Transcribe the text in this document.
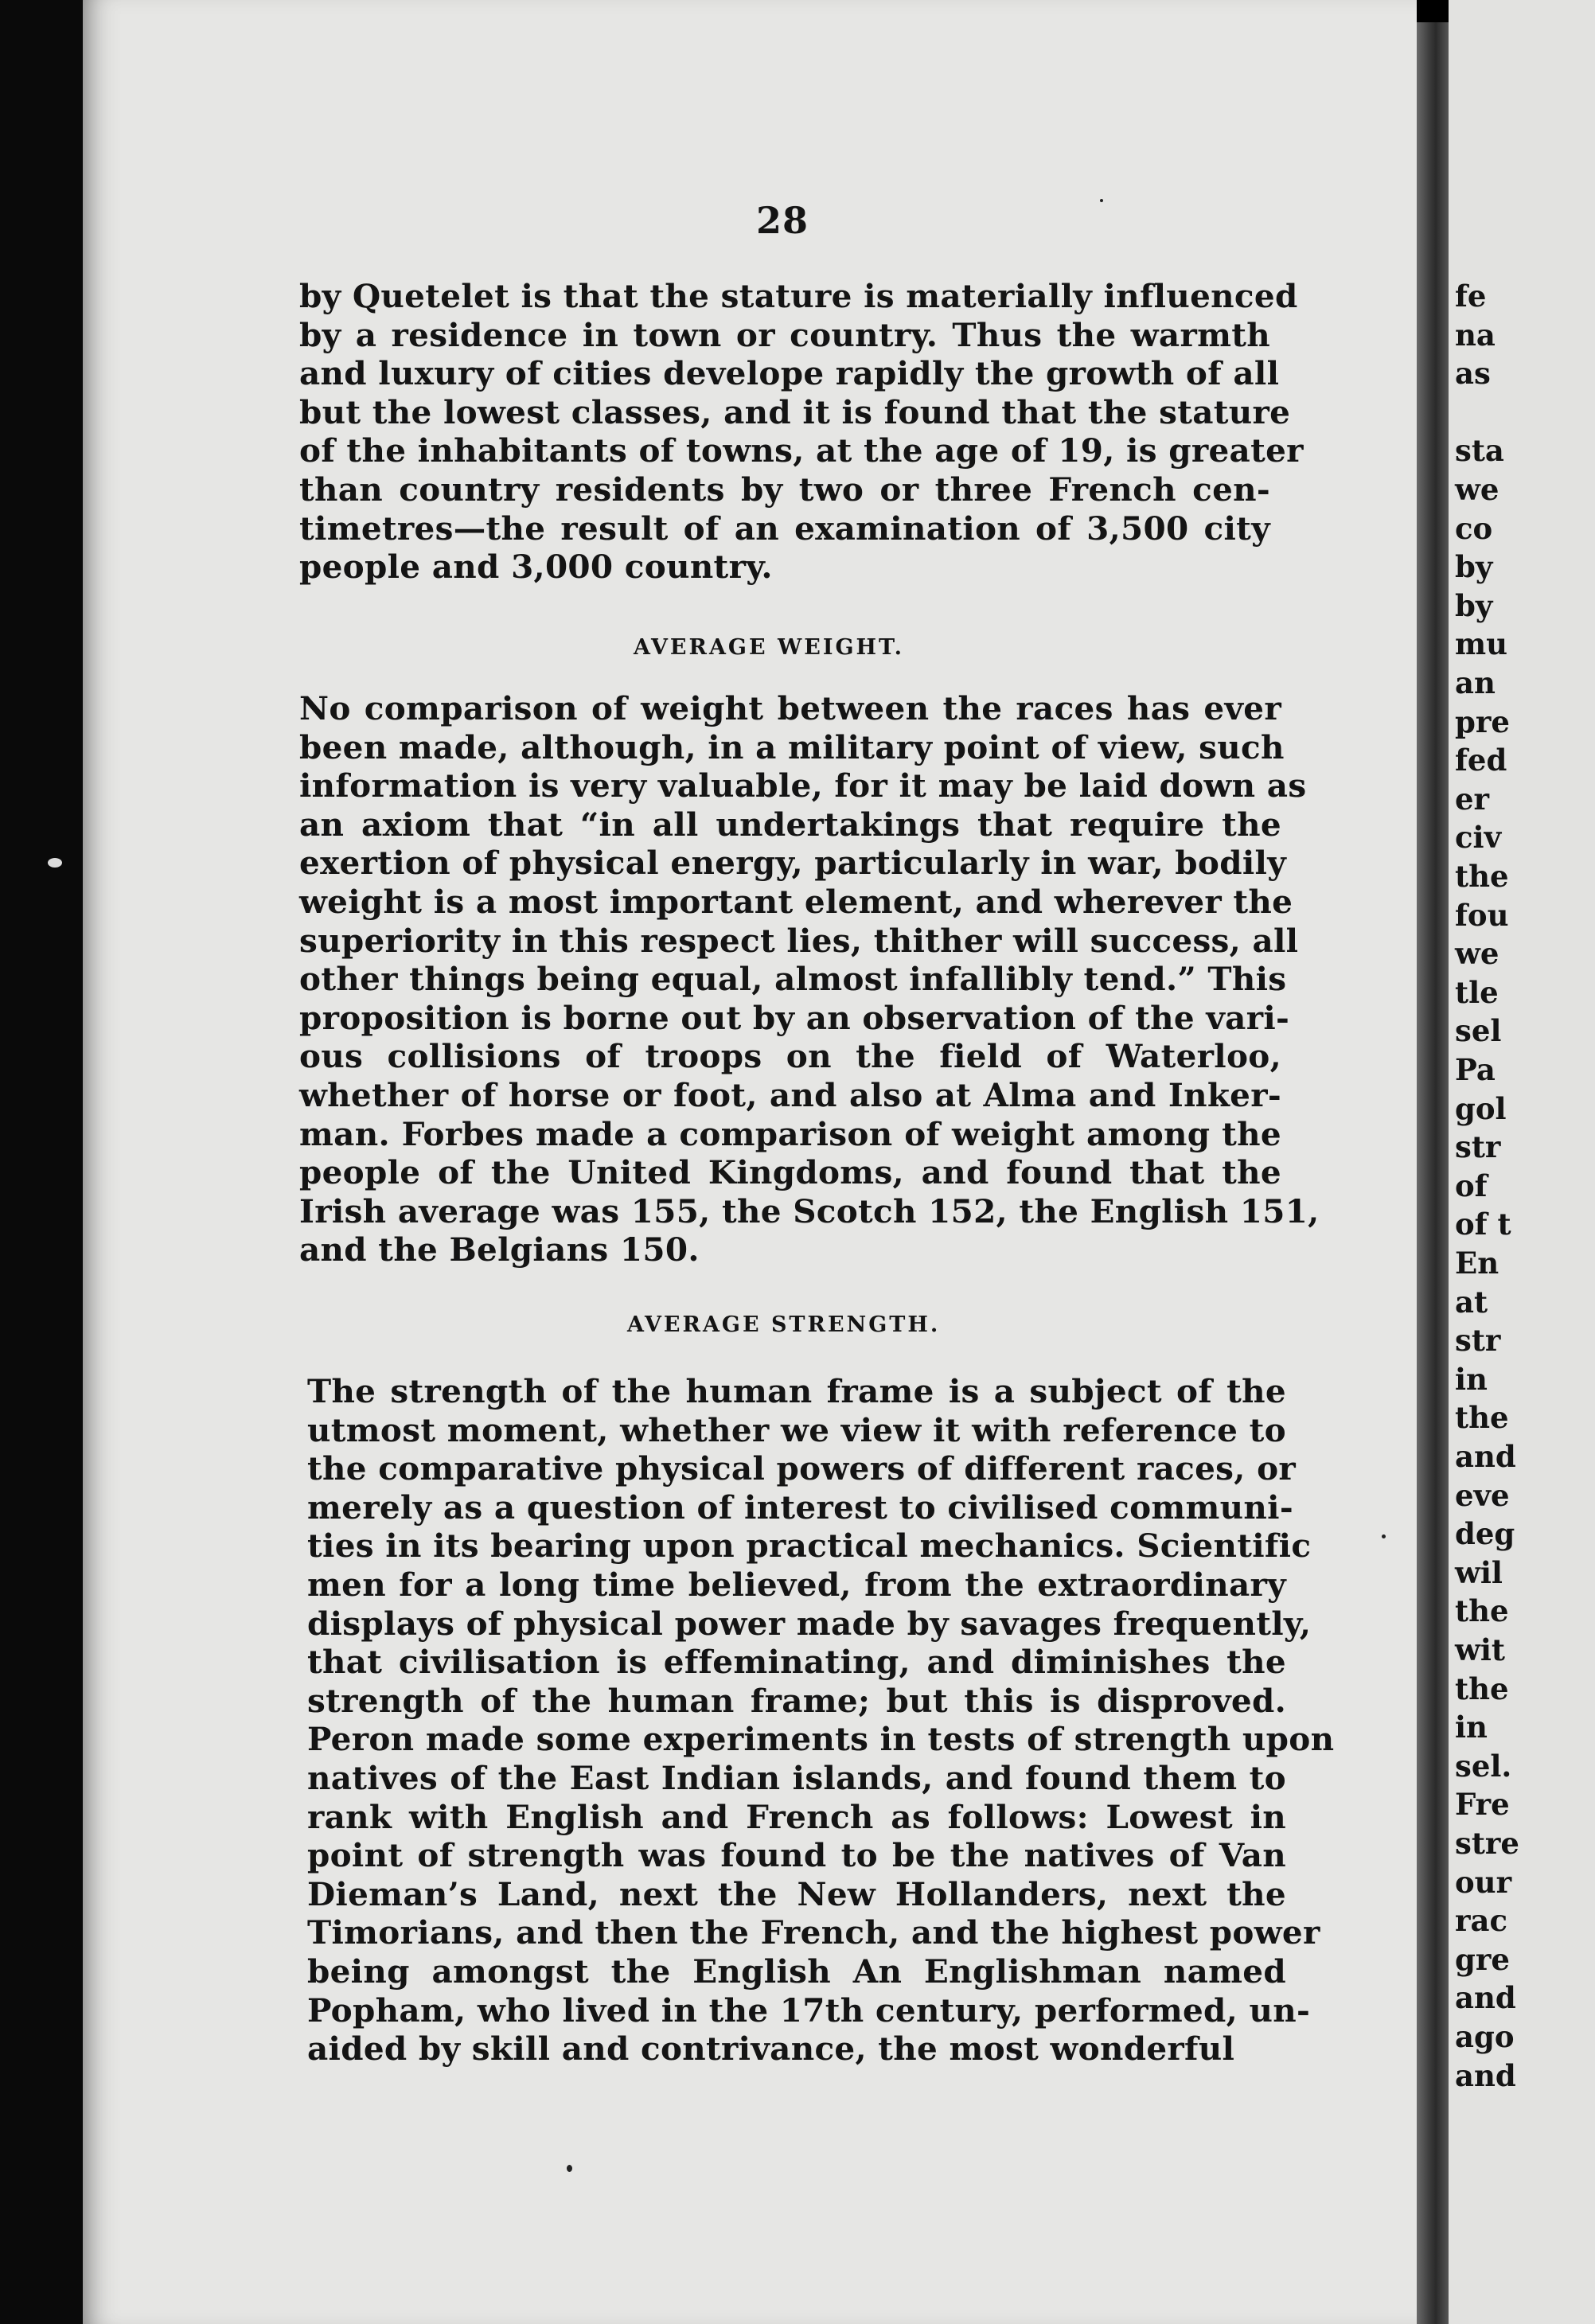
fe
na
as
sta
we
co
by
by
mu
an
pre
fed
er
civ
the
fou
we
tle
sel
Pa
gol
str
of
of t
En
at
str
in
the
and
eve
deg
wil
the
wit
the
in
sel.
Fre
stre
our
rac
gre
and
ago
and
28

by Quetelet is that the stature is materially influenced
by a residence in town or country. Thus the warmth
and luxury of cities develope rapidly the growth of all
but the lowest classes, and it is found that the stature
of the inhabitants of towns, at the age of 19, is greater
than country residents by two or three French cen-
timetres—the result of an examination of 3,500 city
people and 3,000 country.

AVERAGE WEIGHT.

No comparison of weight between the races has ever
been made, although, in a military point of view, such
information is very valuable, for it may be laid down as
an axiom that “in all undertakings that require the
exertion of physical energy, particularly in war, bodily
weight is a most important element, and wherever the
superiority in this respect lies, thither will success, all
other things being equal, almost infallibly tend.” This
proposition is borne out by an observation of the vari-
ous collisions of troops on the field of Waterloo,
whether of horse or foot, and also at Alma and Inker-
man. Forbes made a comparison of weight among the
people of the United Kingdoms, and found that the
Irish average was 155, the Scotch 152, the English 151,
and the Belgians 150.

AVERAGE STRENGTH.

The strength of the human frame is a subject of the
utmost moment, whether we view it with reference to
the comparative physical powers of different races, or
merely as a question of interest to civilised communi-
ties in its bearing upon practical mechanics. Scientific
men for a long time believed, from the extraordinary
displays of physical power made by savages frequently,
that civilisation is effeminating, and diminishes the
strength of the human frame; but this is disproved.
Peron made some experiments in tests of strength upon
natives of the East Indian islands, and found them to
rank with English and French as follows: Lowest in
point of strength was found to be the natives of Van
Dieman’s Land, next the New Hollanders, next the
Timorians, and then the French, and the highest power
being amongst the English An Englishman named
Popham, who lived in the 17th century, performed, un-
aided by skill and contrivance, the most wonderful
